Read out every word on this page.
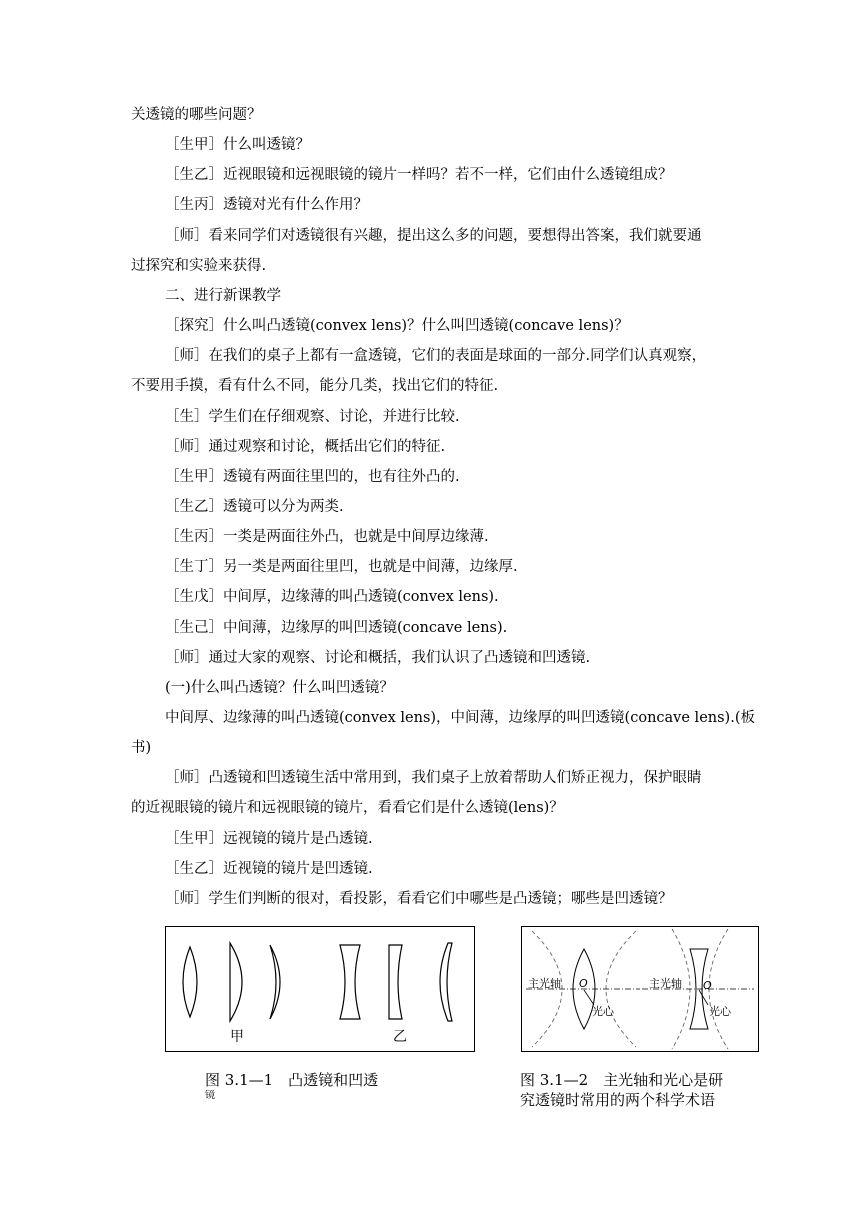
关透镜的哪些问题？
［生甲］什么叫透镜？
［生乙］近视眼镜和远视眼镜的镜片一样吗？若不一样，它们由什么透镜组成？
［生丙］透镜对光有什么作用？
［师］看来同学们对透镜很有兴趣，提出这么多的问题，要想得出答案，我们就要通
过探究和实验来获得.
二、进行新课教学
［探究］什么叫凸透镜(convex lens)？什么叫凹透镜(concave lens)？
［师］在我们的桌子上都有一盒透镜，它们的表面是球面的一部分.同学们认真观察，
不要用手摸，看有什么不同，能分几类，找出它们的特征.
［生］学生们在仔细观察、讨论，并进行比较.
［师］通过观察和讨论，概括出它们的特征.
［生甲］透镜有两面往里凹的，也有往外凸的.
［生乙］透镜可以分为两类.
［生丙］一类是两面往外凸，也就是中间厚边缘薄.
［生丁］另一类是两面往里凹，也就是中间薄，边缘厚.
［生戊］中间厚，边缘薄的叫凸透镜(convex lens).
［生己］中间薄，边缘厚的叫凹透镜(concave lens).
［师］通过大家的观察、讨论和概括，我们认识了凸透镜和凹透镜.
(一)什么叫凸透镜？什么叫凹透镜？
中间厚、边缘薄的叫凸透镜(convex lens)，中间薄，边缘厚的叫凹透镜(concave lens).(板
书)
［师］凸透镜和凹透镜生活中常用到，我们桌子上放着帮助人们矫正视力，保护眼睛
的近视眼镜的镜片和远视眼镜的镜片，看看它们是什么透镜(lens)？
［生甲］远视镜的镜片是凸透镜.
［生乙］近视镜的镜片是凹透镜.
［师］学生们判断的很对，看投影，看看它们中哪些是凸透镜；哪些是凹透镜？
甲	乙
主光轴 O
光心
主光轴 O
光心
图 3.1—1　凸透镜和凹透
镜
图 3.1—2　主光轴和光心是研
究透镜时常用的两个科学术语
